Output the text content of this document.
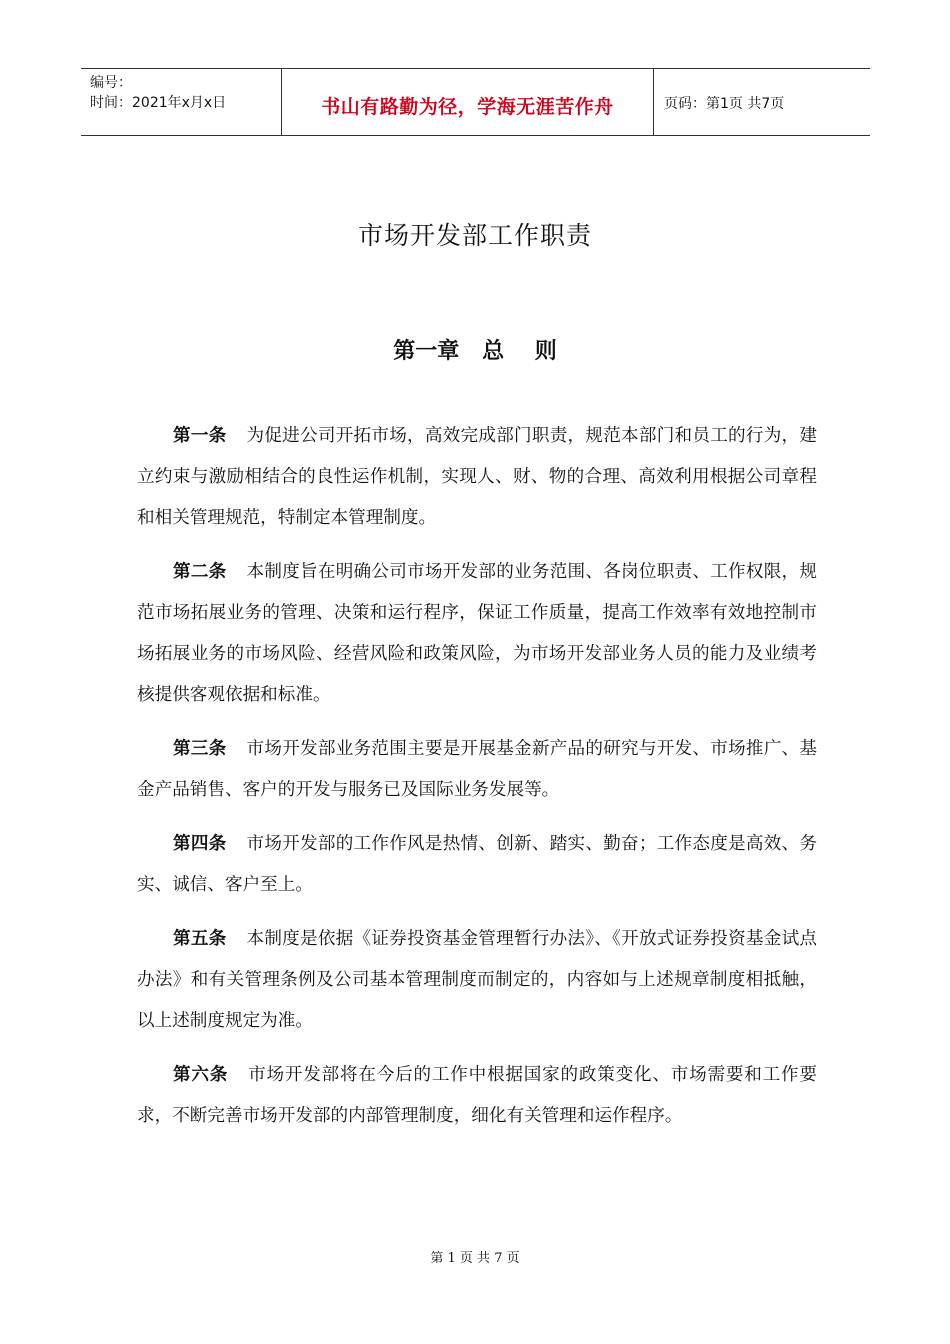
编号：
时间：2021年x月x日	书山有路勤为径，学海无涯苦作舟	页码：第1页 共7页
市场开发部工作职责
第一章   总    则

第一条 为促进公司开拓市场，高效完成部门职责，规范本部门和员工的行为，建立约束与激励相结合的良性运作机制，实现人、财、物的合理、高效利用根据公司章程和相关管理规范，特制定本管理制度。

第二条 本制度旨在明确公司市场开发部的业务范围、各岗位职责、工作权限，规范市场拓展业务的管理、决策和运行程序，保证工作质量，提高工作效率有效地控制市场拓展业务的市场风险、经营风险和政策风险，为市场开发部业务人员的能力及业绩考核提供客观依据和标准。

第三条 市场开发部业务范围主要是开展基金新产品的研究与开发、市场推广、基金产品销售、客户的开发与服务已及国际业务发展等。

第四条 市场开发部的工作作风是热情、创新、踏实、勤奋；工作态度是高效、务实、诚信、客户至上。

第五条 本制度是依据《证券投资基金管理暂行办法》、《开放式证券投资基金试点办法》和有关管理条例及公司基本管理制度而制定的，内容如与上述规章制度相抵触，以上述制度规定为准。

第六条 市场开发部将在今后的工作中根据国家的政策变化、市场需要和工作要求，不断完善市场开发部的内部管理制度，细化有关管理和运作程序。

第 1 页 共 7 页
